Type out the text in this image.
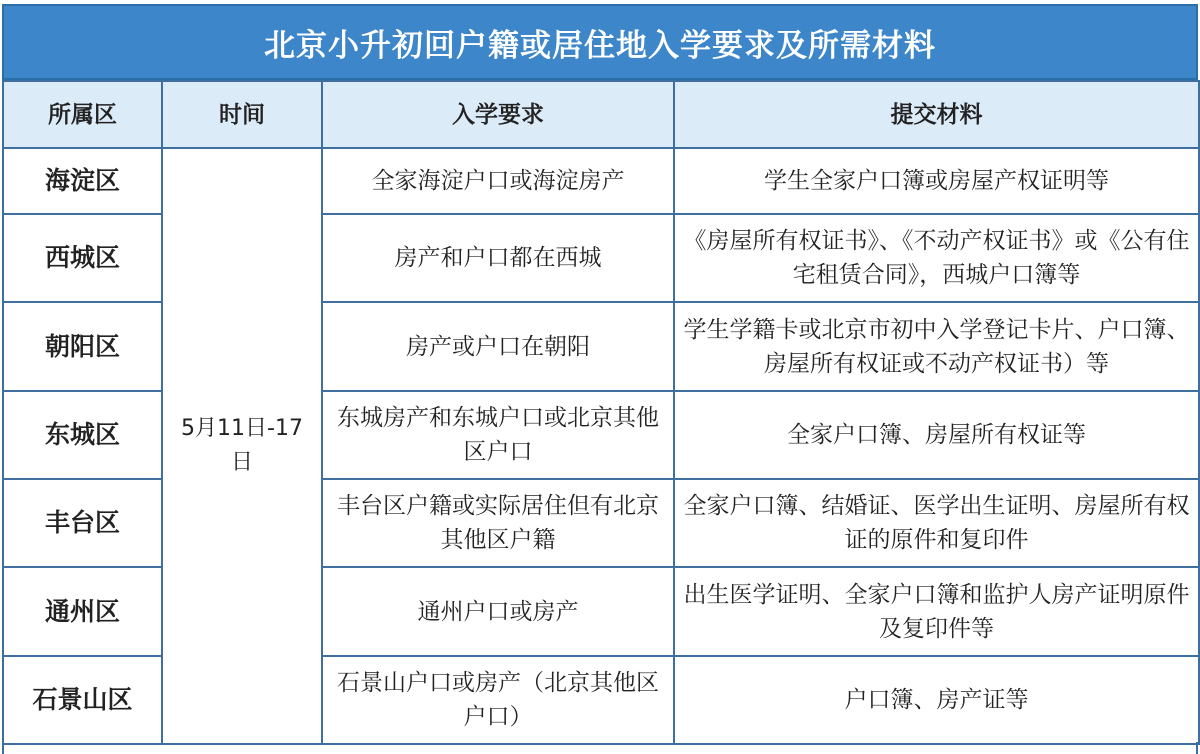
北京小升初回户籍或居住地入学要求及所需材料
所属区	时间	入学要求	提交材料
海淀区	5月11日-17日	全家海淀户口或海淀房产	学生全家户口簿或房屋产权证明等
西城区		房产和户口都在西城	《房屋所有权证书》、《不动产权证书》或《公有住宅租赁合同》，西城户口簿等
朝阳区		房产或户口在朝阳	学生学籍卡或北京市初中入学登记卡片、户口簿、房屋所有权证或不动产权证书）等
东城区		东城房产和东城户口或北京其他区户口	全家户口簿、房屋所有权证等
丰台区		丰台区户籍或实际居住但有北京其他区户籍	全家户口簿、结婚证、医学出生证明、房屋所有权证的原件和复印件
通州区		通州户口或房产	出生医学证明、全家户口簿和监护人房产证明原件及复印件等
石景山区		石景山户口或房产（北京其他区户口）	户口簿、房产证等
